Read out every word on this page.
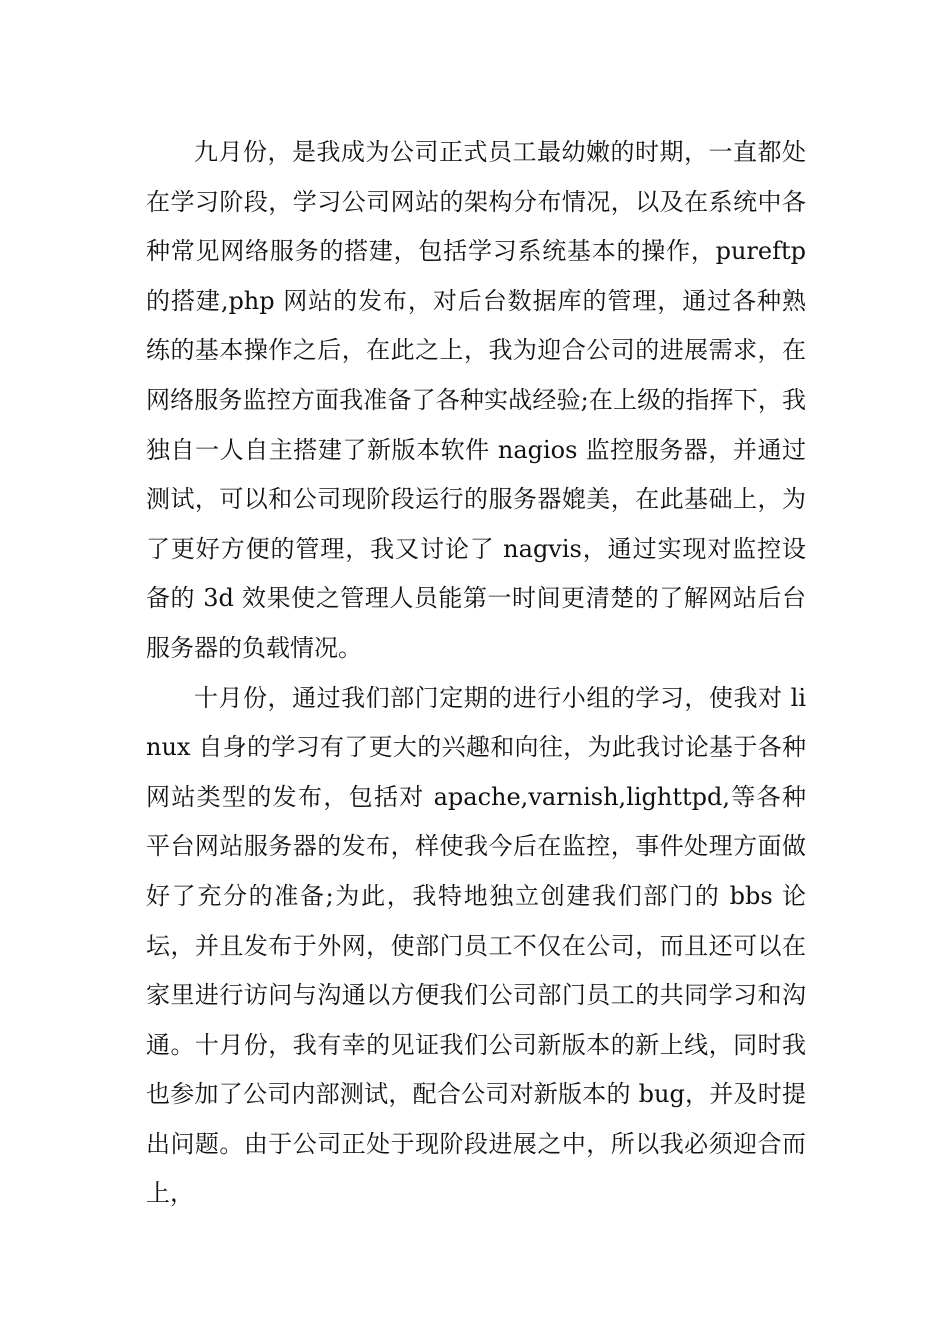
九月份，是我成为公司正式员工最幼嫩的时期，一直都处在学习阶段，学习公司网站的架构分布情况，以及在系统中各种常见网络服务的搭建，包括学习系统基本的操作，pureftp 的搭建,php 网站的发布，对后台数据库的管理，通过各种熟练的基本操作之后，在此之上，我为迎合公司的进展需求，在网络服务监控方面我准备了各种实战经验;在上级的指挥下，我独自一人自主搭建了新版本软件 nagios 监控服务器，并通过测试，可以和公司现阶段运行的服务器媲美，在此基础上，为了更好方便的管理，我又讨论了 nagvis，通过实现对监控设备的 3d 效果使之管理人员能第一时间更清楚的了解网站后台服务器的负载情况。

十月份，通过我们部门定期的进行小组的学习，使我对 linux 自身的学习有了更大的兴趣和向往，为此我讨论基于各种网站类型的发布，包括对 apache,varnish,lighttpd,等各种平台网站服务器的发布，样使我今后在监控，事件处理方面做好了充分的准备;为此，我特地独立创建我们部门的 bbs 论坛，并且发布于外网，使部门员工不仅在公司，而且还可以在家里进行访问与沟通以方便我们公司部门员工的共同学习和沟通。十月份，我有幸的见证我们公司新版本的新上线，同时我也参加了公司内部测试，配合公司对新版本的 bug，并及时提出问题。由于公司正处于现阶段进展之中，所以我必须迎合而上，
